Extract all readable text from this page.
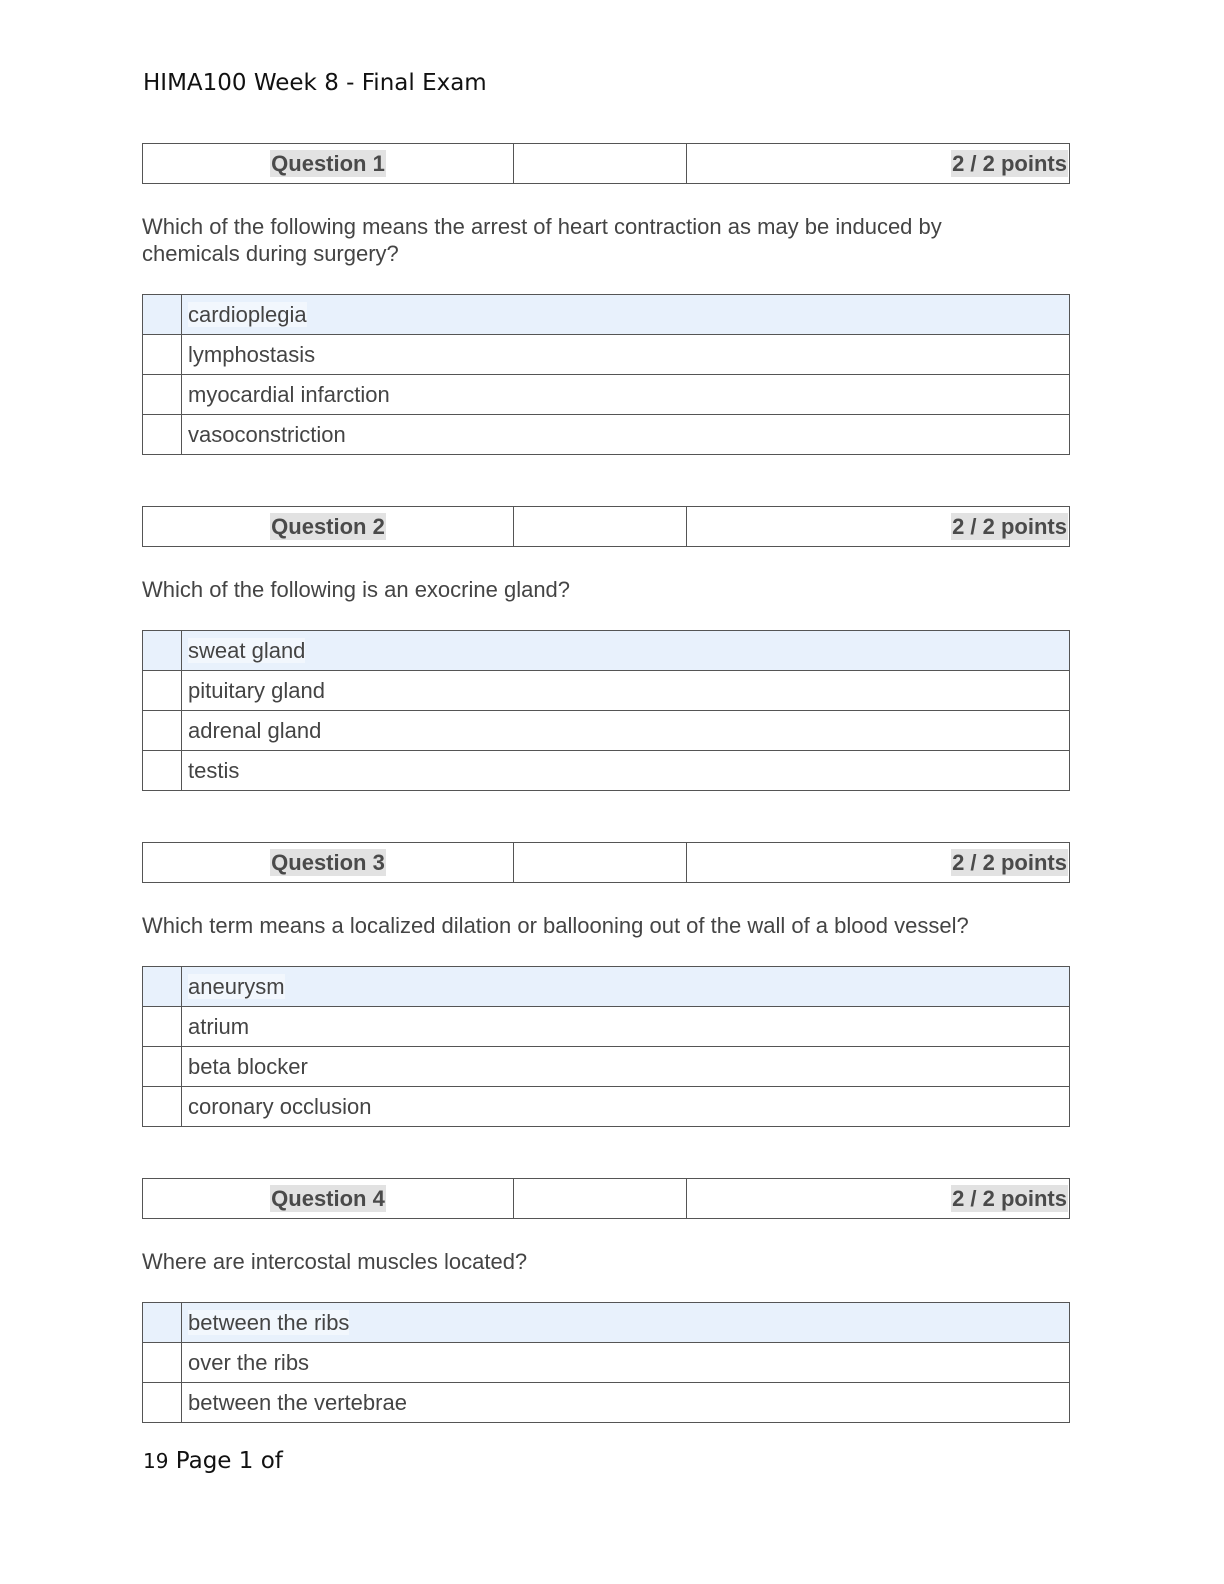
HIMA100 Week 8 - Final Exam
Question 1		2 / 2 points
Which of the following means the arrest of heart contraction as may be induced by chemicals during surgery?
	cardioplegia
	lymphostasis
	myocardial infarction
	vasoconstriction
Question 2		2 / 2 points
Which of the following is an exocrine gland?
	sweat gland
	pituitary gland
	adrenal gland
	testis
Question 3		2 / 2 points
Which term means a localized dilation or ballooning out of the wall of a blood vessel?
	aneurysm
	atrium
	beta blocker
	coronary occlusion
Question 4		2 / 2 points
Where are intercostal muscles located?
	between the ribs
	over the ribs
	between the vertebrae
19 Page 1 of
